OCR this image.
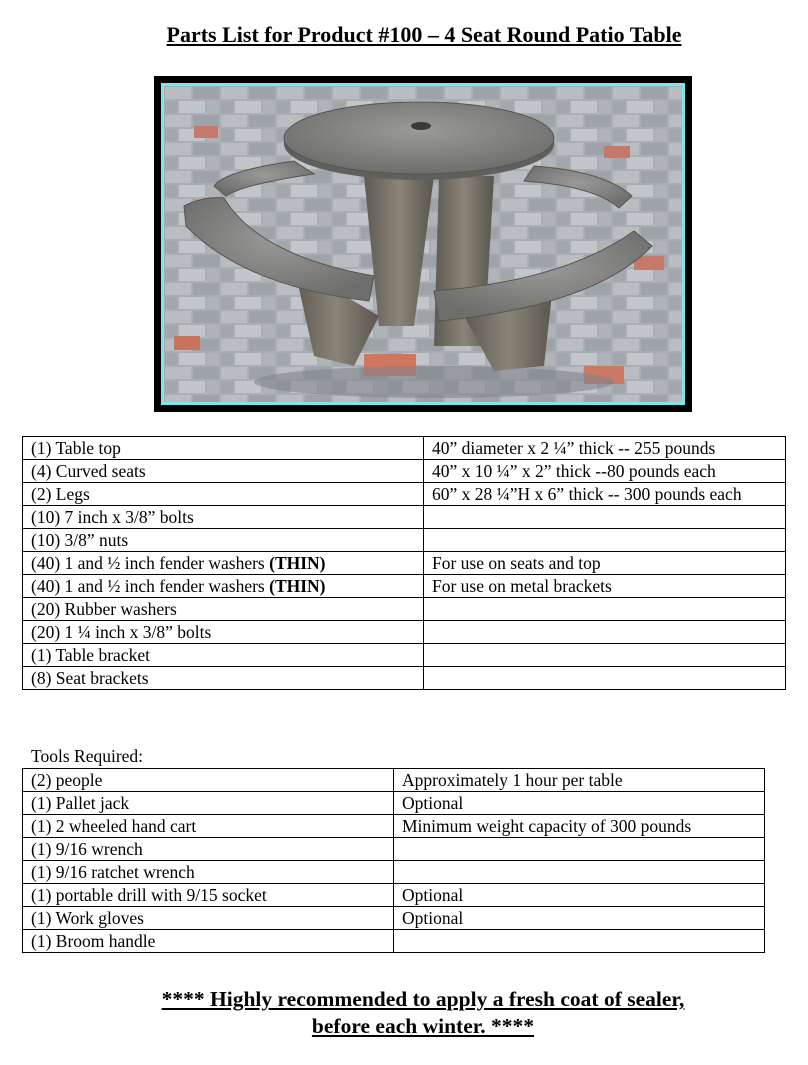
Parts List for Product #100 – 4 Seat Round Patio Table
(1) Table top	40” diameter x 2 ¼” thick -- 255 pounds
(4) Curved seats	40” x 10 ¼” x 2” thick --80 pounds each
(2) Legs	60” x 28 ¼”H x 6” thick -- 300 pounds each
(10) 7 inch x 3/8” bolts	
(10) 3/8” nuts	
(40) 1 and ½ inch fender washers (THIN)	For use on seats and top
(40) 1 and ½ inch fender washers (THIN)	For use on metal brackets
(20) Rubber washers	
(20) 1 ¼ inch x 3/8” bolts	
(1) Table bracket	
(8) Seat brackets	
Tools Required:
(2) people	Approximately 1 hour per table
(1) Pallet jack	Optional
(1) 2 wheeled hand cart	Minimum weight capacity of 300 pounds
(1) 9/16 wrench	
(1) 9/16 ratchet wrench	
(1) portable drill with 9/15 socket	Optional
(1) Work gloves	Optional
(1) Broom handle	
**** Highly recommended to apply a fresh coat of sealer,
before each winter. ****
